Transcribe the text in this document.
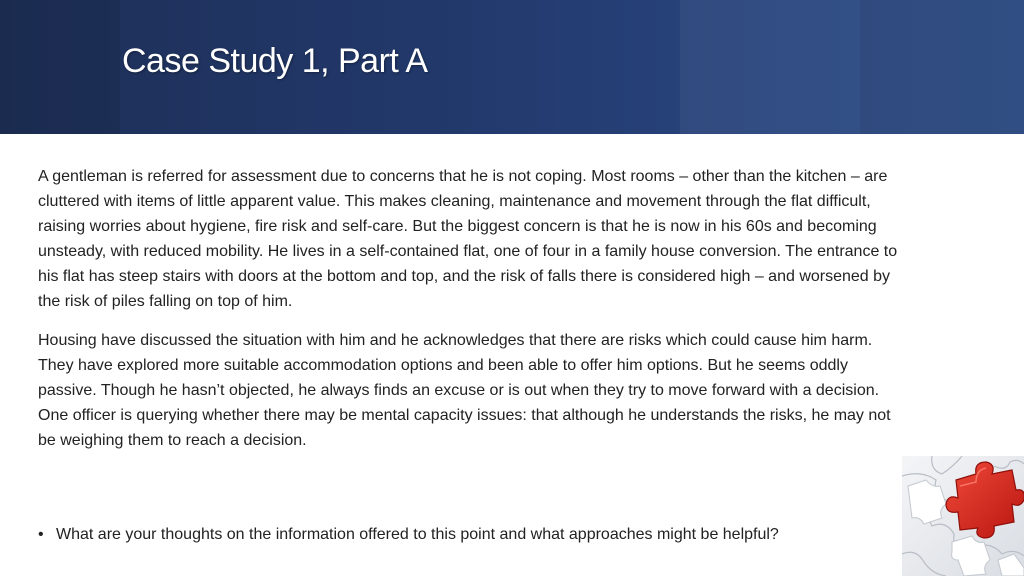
Case Study 1, Part A

A gentleman is referred for assessment due to concerns that he is not coping. Most rooms – other than the kitchen – are cluttered with items of little apparent value. This makes cleaning, maintenance and movement through the flat difficult, raising worries about hygiene, fire risk and self-care. But the biggest concern is that he is now in his 60s and becoming unsteady, with reduced mobility. He lives in a self-contained flat, one of four in a family house conversion. The entrance to his flat has steep stairs with doors at the bottom and top, and the risk of falls there is considered high – and worsened by the risk of piles falling on top of him.

Housing have discussed the situation with him and he acknowledges that there are risks which could cause him harm. They have explored more suitable accommodation options and been able to offer him options. But he seems oddly passive. Though he hasn’t objected, he always finds an excuse or is out when they try to move forward with a decision. One officer is querying whether there may be mental capacity issues: that although he understands the risks, he may not be weighing them to reach a decision.

• What are your thoughts on the information offered to this point and what approaches might be helpful?
